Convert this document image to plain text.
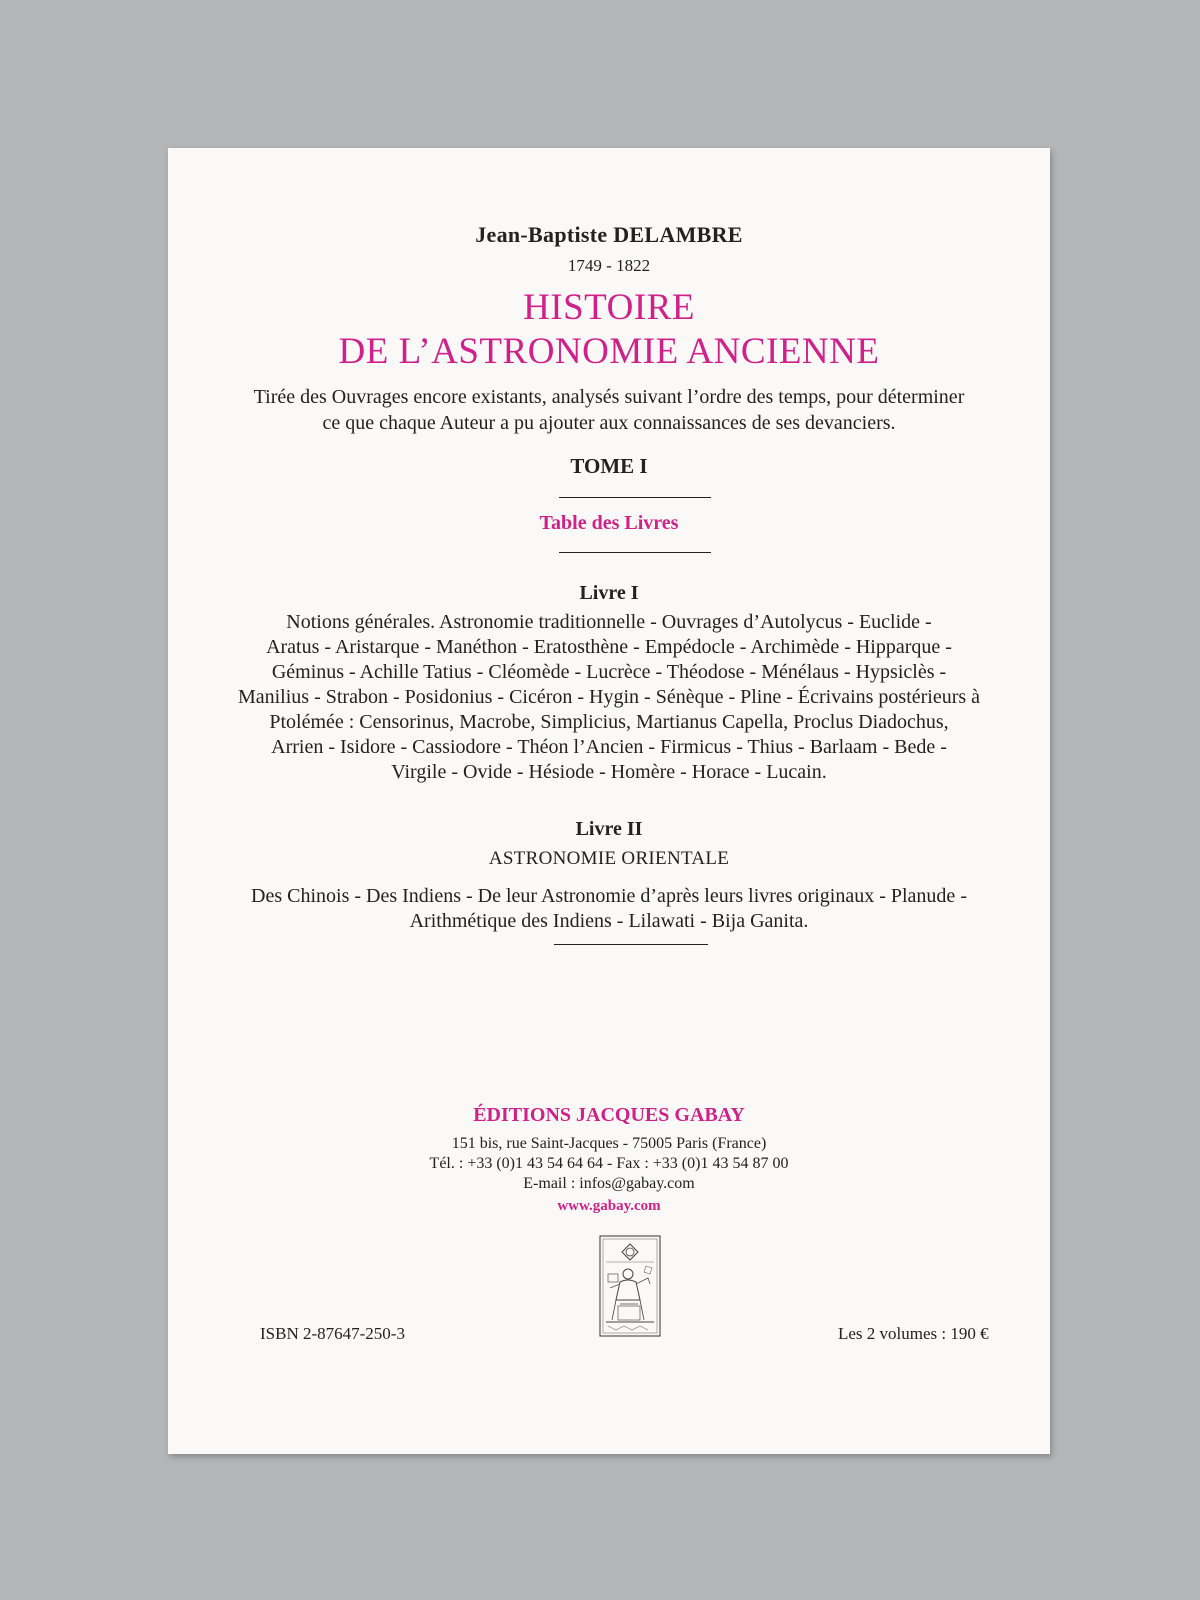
Jean-Baptiste DELAMBRE
1749 - 1822
HISTOIRE
DE L’ASTRONOMIE ANCIENNE
Tirée des Ouvrages encore existants, analysés suivant l’ordre des temps, pour déterminer
ce que chaque Auteur a pu ajouter aux connaissances de ses devanciers.
TOME I
Table des Livres
Livre I
Notions générales. Astronomie traditionnelle - Ouvrages d’Autolycus - Euclide -
Aratus - Aristarque - Manéthon - Eratosthène - Empédocle - Archimède - Hipparque -
Géminus - Achille Tatius - Cléomède - Lucrèce - Théodose - Ménélaus - Hypsiclès -
Manilius - Strabon - Posidonius - Cicéron - Hygin - Sénèque - Pline - Écrivains postérieurs à
Ptolémée : Censorinus, Macrobe, Simplicius, Martianus Capella, Proclus Diadochus,
Arrien - Isidore - Cassiodore - Théon l’Ancien - Firmicus - Thius - Barlaam - Bede -
Virgile - Ovide - Hésiode - Homère - Horace - Lucain.
Livre II
ASTRONOMIE ORIENTALE
Des Chinois - Des Indiens - De leur Astronomie d’après leurs livres originaux - Planude -
Arithmétique des Indiens - Lilawati - Bija Ganita.
ÉDITIONS JACQUES GABAY
151 bis, rue Saint-Jacques - 75005 Paris (France)
Tél. : +33 (0)1 43 54 64 64 - Fax : +33 (0)1 43 54 87 00
E-mail : infos@gabay.com
www.gabay.com
ISBN 2-87647-250-3	Les 2 volumes : 190 €
